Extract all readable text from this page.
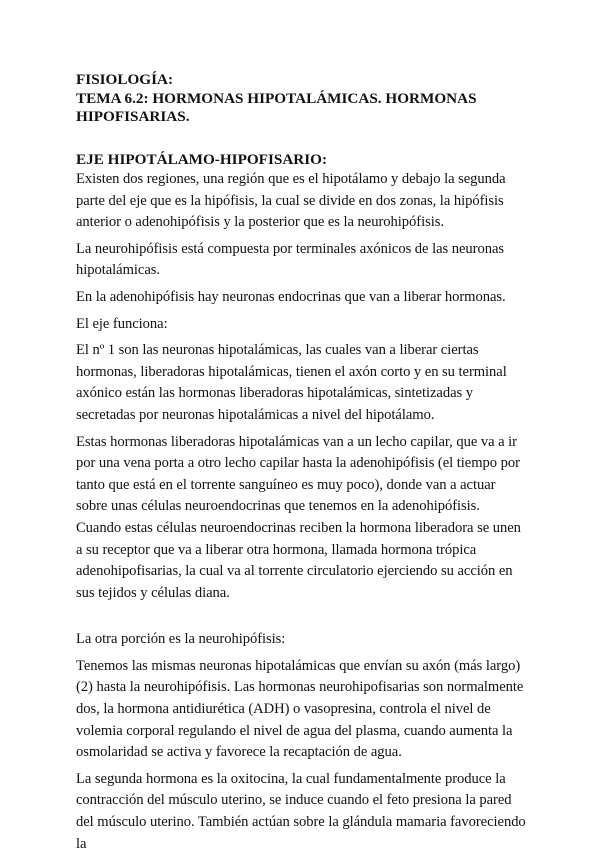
FISIOLOGÍA:

TEMA 6.2: HORMONAS HIPOTALÁMICAS. HORMONAS HIPOFISARIAS.

EJE HIPOTÁLAMO-HIPOFISARIO:

Existen dos regiones, una región que es el hipotálamo y debajo la segunda parte del eje que es la hipófisis, la cual se divide en dos zonas, la hipófisis anterior o adenohipófisis y la posterior que es la neurohipófisis.

La neurohipófisis está compuesta por terminales axónicos de las neuronas hipotalámicas.

En la adenohipófisis hay neuronas endocrinas que van a liberar hormonas.

El eje funciona:

El nº 1 son las neuronas hipotalámicas, las cuales van a liberar ciertas hormonas, liberadoras hipotalámicas, tienen el axón corto y en su terminal axónico están las hormonas liberadoras hipotalámicas, sintetizadas y secretadas por neuronas hipotalámicas a nivel del hipotálamo.

Estas hormonas liberadoras hipotalámicas van a un lecho capilar, que va a ir por una vena porta a otro lecho capilar hasta la adenohipófisis (el tiempo por tanto que está en el torrente sanguíneo es muy poco), donde van a actuar sobre unas células neuroendocrinas que tenemos en la adenohipófisis. Cuando estas células neuroendocrinas reciben la hormona liberadora se unen a su receptor que va a liberar otra hormona, llamada hormona trópica adenohipofisarias, la cual va al torrente circulatorio ejerciendo su acción en sus tejidos y células diana.

La otra porción es la neurohipófisis:

Tenemos las mismas neuronas hipotalámicas que envían su axón (más largo) (2) hasta la neurohipófisis. Las hormonas neurohipofisarias son normalmente dos, la hormona antidiurética (ADH) o vasopresina, controla el nivel de volemia corporal regulando el nivel de agua del plasma, cuando aumenta la osmolaridad se activa y favorece la recaptación de agua.

La segunda hormona es la oxitocina, la cual fundamentalmente produce la contracción del músculo uterino, se induce cuando el feto presiona la pared del músculo uterino. También actúan sobre la glándula mamaria favoreciendo la
